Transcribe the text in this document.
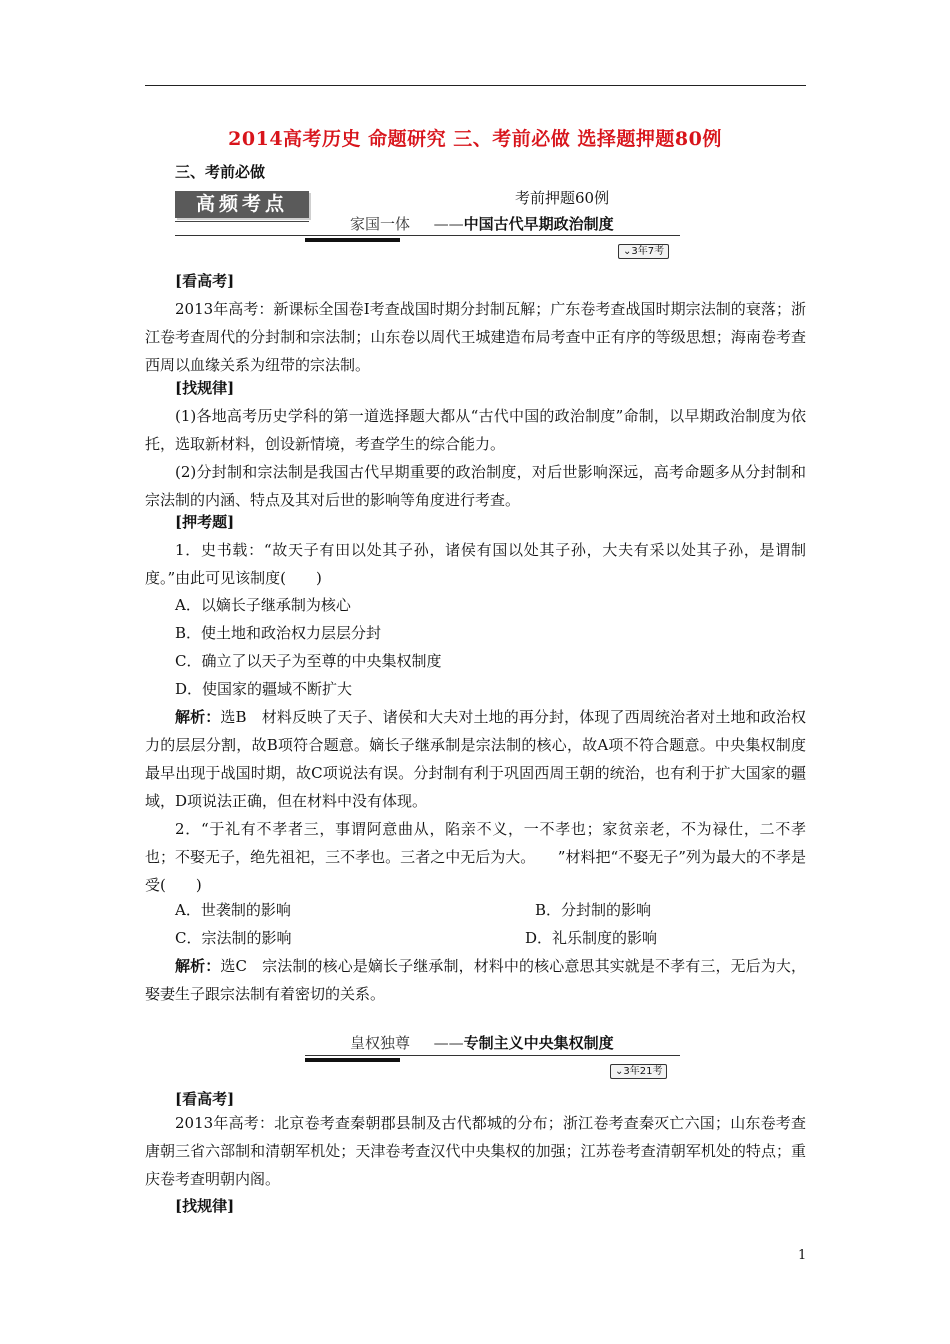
2014高考历史 命题研究 三、考前必做 选择题押题80例
三、考前必做
高频考点	考前押题60例
家国一体 ——中国古代早期政治制度
⌄3年7考
[看高考]

2013年高考：新课标全国卷Ⅰ考查战国时期分封制瓦解；广东卷考查战国时期宗法制的衰落；浙江卷考查周代的分封制和宗法制；山东卷以周代王城建造布局考查中正有序的等级思想；海南卷考查西周以血缘关系为纽带的宗法制。

[找规律]

(1)各地高考历史学科的第一道选择题大都从“古代中国的政治制度”命制，以早期政治制度为依托，选取新材料，创设新情境，考查学生的综合能力。

(2)分封制和宗法制是我国古代早期重要的政治制度，对后世影响深远，高考命题多从分封制和宗法制的内涵、特点及其对后世的影响等角度进行考查。

[押考题]

1．史书载：“故天子有田以处其子孙，诸侯有国以处其子孙，大夫有采以处其子孙，是谓制度。”由此可见该制度(　　)

A．以嫡长子继承制为核心
B．使土地和政治权力层层分封
C．确立了以天子为至尊的中央集权制度
D．使国家的疆域不断扩大

解析：选B　材料反映了天子、诸侯和大夫对土地的再分封，体现了西周统治者对土地和政治权力的层层分割，故B项符合题意。嫡长子继承制是宗法制的核心，故A项不符合题意。中央集权制度最早出现于战国时期，故C项说法有误。分封制有利于巩固西周王朝的统治，也有利于扩大国家的疆域，D项说法正确，但在材料中没有体现。

2．“于礼有不孝者三，事谓阿意曲从，陷亲不义，一不孝也；家贫亲老，不为禄仕，二不孝也；不娶无子，绝先祖祀，三不孝也。三者之中无后为大。　　”材料把“不娶无子”列为最大的不孝是受(　　)

A．世袭制的影响	B．分封制的影响
C．宗法制的影响	D．礼乐制度的影响

解析：选C　宗法制的核心是嫡长子继承制，材料中的核心意思其实就是不孝有三，无后为大，娶妻生子跟宗法制有着密切的关系。

皇权独尊 ——专制主义中央集权制度
⌄3年21考
[看高考]

2013年高考：北京卷考查秦朝郡县制及古代都城的分布；浙江卷考查秦灭亡六国；山东卷考查唐朝三省六部制和清朝军机处；天津卷考查汉代中央集权的加强；江苏卷考查清朝军机处的特点；重庆卷考查明朝内阁。

[找规律]
1
